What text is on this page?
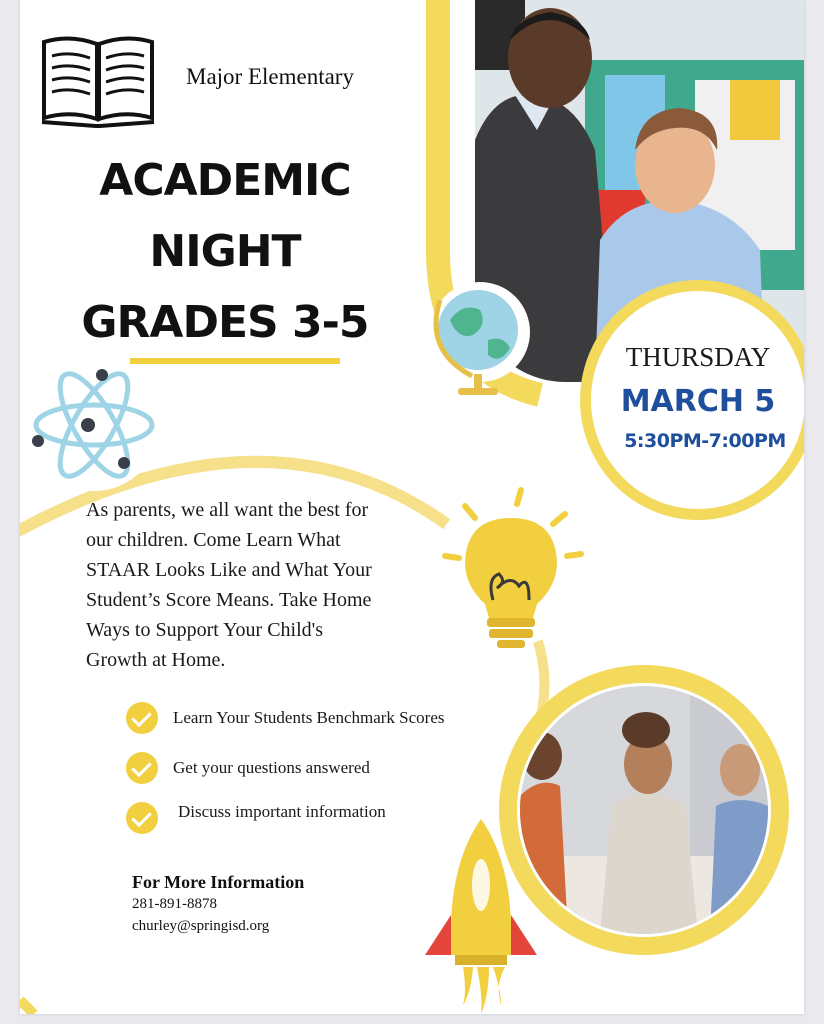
Major Elementary
ACADEMIC
NIGHT
GRADES 3-5
THURSDAY
MARCH 5
5:30PM-7:00PM
As parents, we all want the best for our children. Come Learn What STAAR Looks Like and What Your Student’s Score Means. Take Home Ways to Support Your Child's Growth at Home.
Learn Your Students Benchmark Scores
Get your questions answered
Discuss important information
For More Information
281-891-8878
churley@springisd.org
